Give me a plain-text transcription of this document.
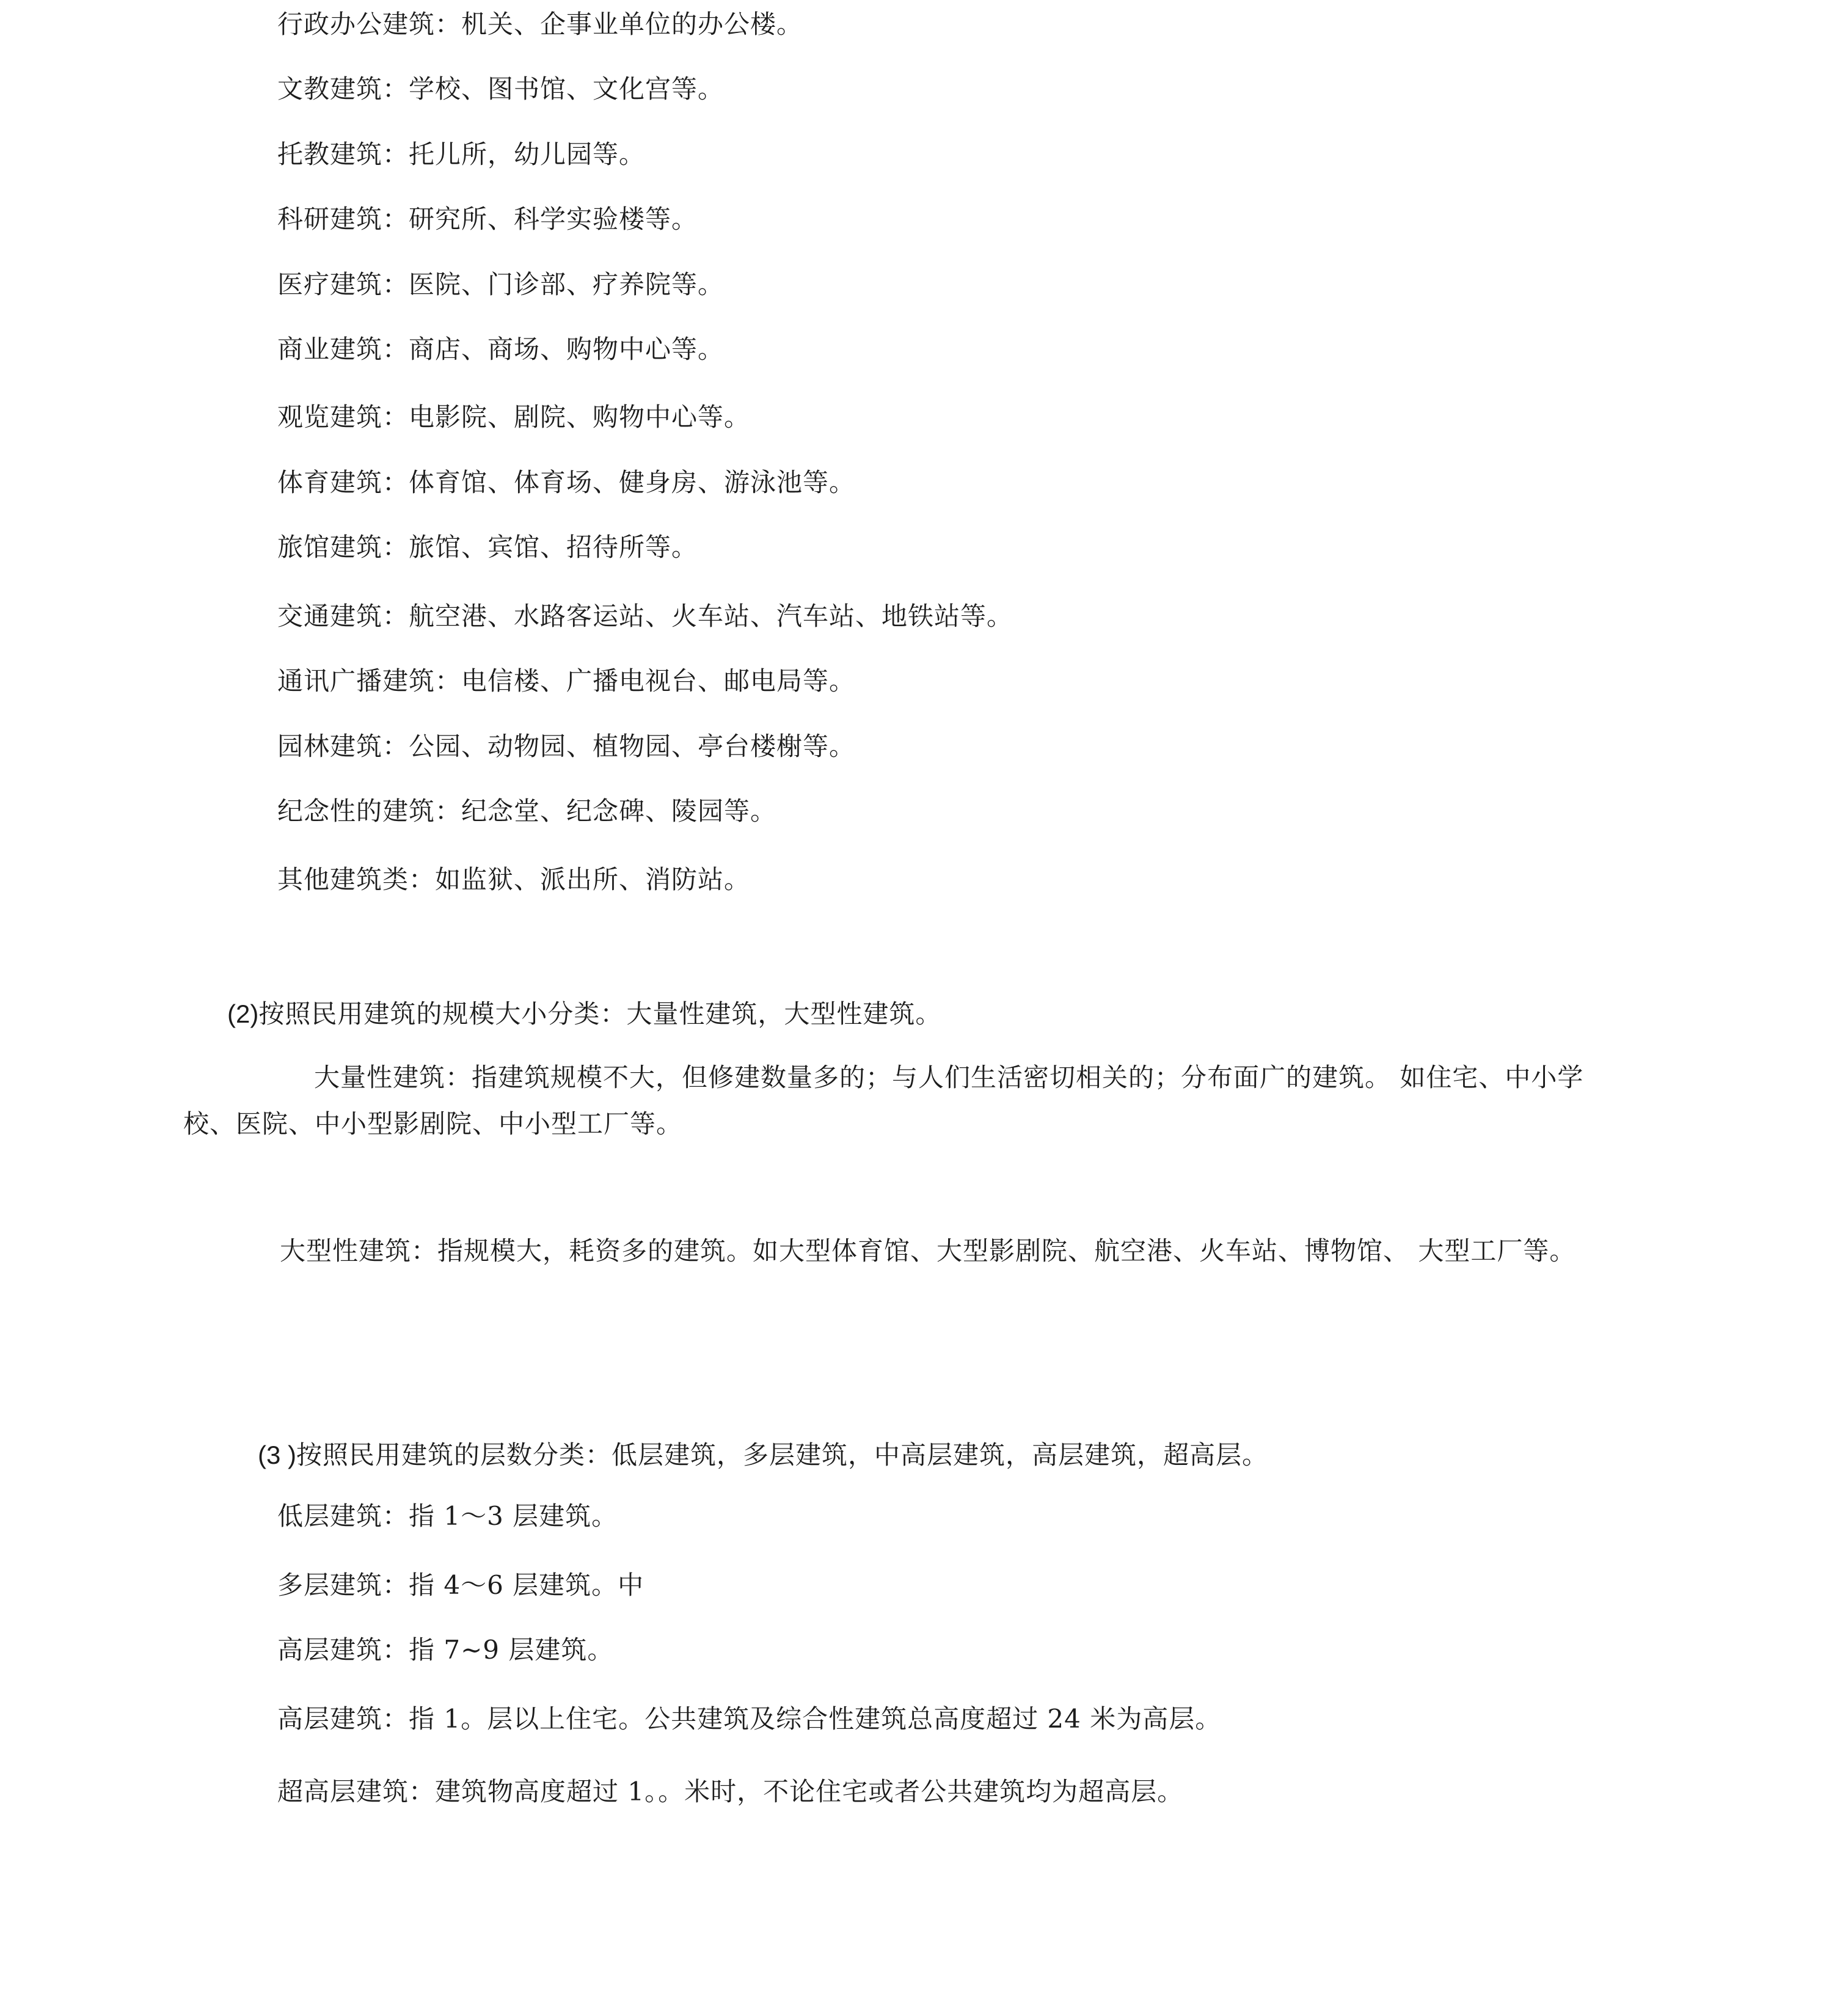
行政办公建筑：机关、企事业单位的办公楼。

文教建筑：学校、图书馆、文化宫等。

托教建筑：托儿所，幼儿园等。

科研建筑：研究所、科学实验楼等。

医疗建筑：医院、门诊部、疗养院等。

商业建筑：商店、商场、购物中心等。

观览建筑：电影院、剧院、购物中心等。

体育建筑：体育馆、体育场、健身房、游泳池等。

旅馆建筑：旅馆、宾馆、招待所等。

交通建筑：航空港、水路客运站、火车站、汽车站、地铁站等。

通讯广播建筑：电信楼、广播电视台、邮电局等。

园林建筑：公园、动物园、植物园、亭台楼榭等。

纪念性的建筑：纪念堂、纪念碑、陵园等。

其他建筑类：如监狱、派出所、消防站。

(2)按照民用建筑的规模大小分类：大量性建筑，大型性建筑。

大量性建筑：指建筑规模不大，但修建数量多的；与人们生活密切相关的；分布面广的建筑。 如住宅、中小学校、医院、中小型影剧院、中小型工厂等。

大型性建筑：指规模大，耗资多的建筑。如大型体育馆、大型影剧院、航空港、火车站、博物馆、 大型工厂等。

(3 )按照民用建筑的层数分类：低层建筑，多层建筑，中高层建筑，高层建筑，超高层。

低层建筑：指 1〜3 层建筑。

多层建筑：指 4〜6 层建筑。中

高层建筑：指 7~9 层建筑。

高层建筑：指 1。层以上住宅。公共建筑及综合性建筑总高度超过 24 米为高层。

超高层建筑：建筑物高度超过 1。。米时，不论住宅或者公共建筑均为超高层。
